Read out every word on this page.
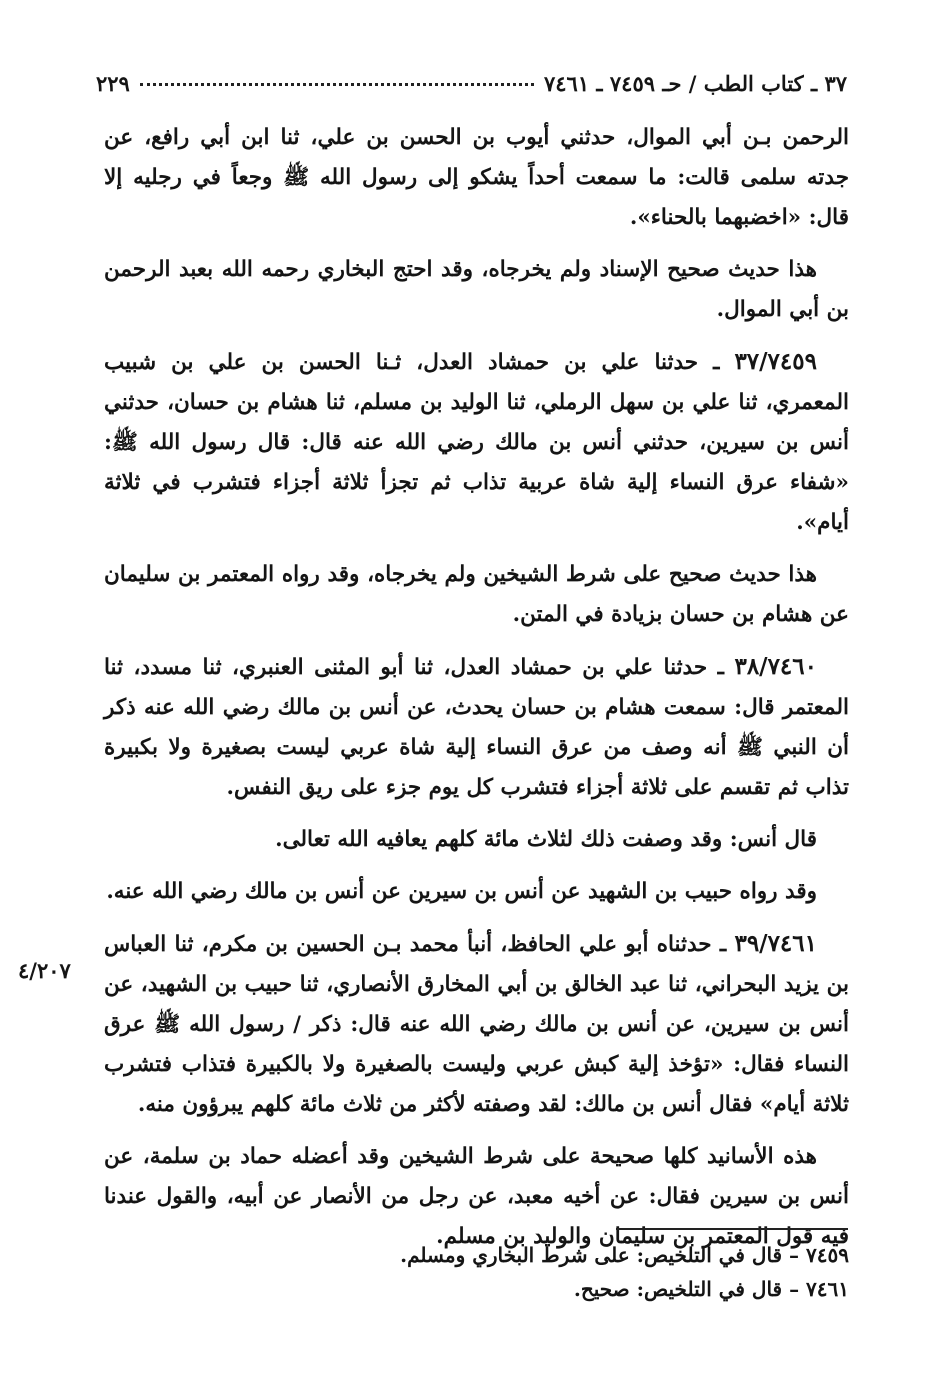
٣٧ ـ كتاب الطب / حـ ٧٤٥٩ ـ ٧٤٦١
٢٢٩

الرحمن بـن أبي الموال، حدثني أيوب بن الحسن بن علي، ثنا ابن أبي رافع، عن جدته سلمى قالت: ما سمعت أحداً يشكو إلى رسول الله ﷺ وجعاً في رجليه إلا قال: «اخضبهما بالحناء».

هذا حديث صحيح الإسناد ولم يخرجاه، وقد احتج البخاري رحمه الله بعبد الرحمن بن أبي الموال.

٣٧/٧٤٥٩ ـ حدثنا علي بن حمشاد العدل، ثـنا الحسن بن علي بن شبيب المعمري، ثنا علي بن سهل الرملي، ثنا الوليد بن مسلم، ثنا هشام بن حسان، حدثني أنس بن سيرين، حدثني أنس بن مالك رضي الله عنه قال: قال رسول الله ﷺ: «شفاء عرق النساء إلية شاة عربية تذاب ثم تجزأ ثلاثة أجزاء فتشرب في ثلاثة أيام».

هذا حديث صحيح على شرط الشيخين ولم يخرجاه، وقد رواه المعتمر بن سليمان عن هشام بن حسان بزيادة في المتن.

٣٨/٧٤٦٠ ـ حدثنا علي بن حمشاد العدل، ثنا أبو المثنى العنبري، ثنا مسدد، ثنا المعتمر قال: سمعت هشام بن حسان يحدث، عن أنس بن مالك رضي الله عنه ذكر أن النبي ﷺ أنه وصف من عرق النساء إلية شاة عربي ليست بصغيرة ولا بكبيرة تذاب ثم تقسم على ثلاثة أجزاء فتشرب كل يوم جزء على ريق النفس.

قال أنس: وقد وصفت ذلك لثلاث مائة كلهم يعافيه الله تعالى.

وقد رواه حبيب بن الشهيد عن أنس بن سيرين عن أنس بن مالك رضي الله عنه.

٣٩/٧٤٦١ ـ حدثناه أبو علي الحافظ، أنبأ محمد بـن الحسين بن مكرم، ثنا العباس بن يزيد البحراني، ثنا عبد الخالق بن أبي المخارق الأنصاري، ثنا حبيب بن الشهيد، عن أنس بن سيرين، عن أنس بن مالك رضي الله عنه قال: ذكر / رسول الله ﷺ عرق النساء فقال: «تؤخذ إلية كبش عربي وليست بالصغيرة ولا بالكبيرة فتذاب فتشرب ثلاثة أيام» فقال أنس بن مالك: لقد وصفته لأكثر من ثلاث مائة كلهم يبرؤون منه.

هذه الأسانيد كلها صحيحة على شرط الشيخين وقد أعضله حماد بن سلمة، عن أنس بن سيرين فقال: عن أخيه معبد، عن رجل من الأنصار عن أبيه، والقول عندنا فيه قول المعتمر بن سليمان والوليد بن مسلم.

٤/٢٠٧

٧٤٥٩ – قال في التلخيص: على شرط البخاري ومسلم.

٧٤٦١ – قال في التلخيص: صحيح.
